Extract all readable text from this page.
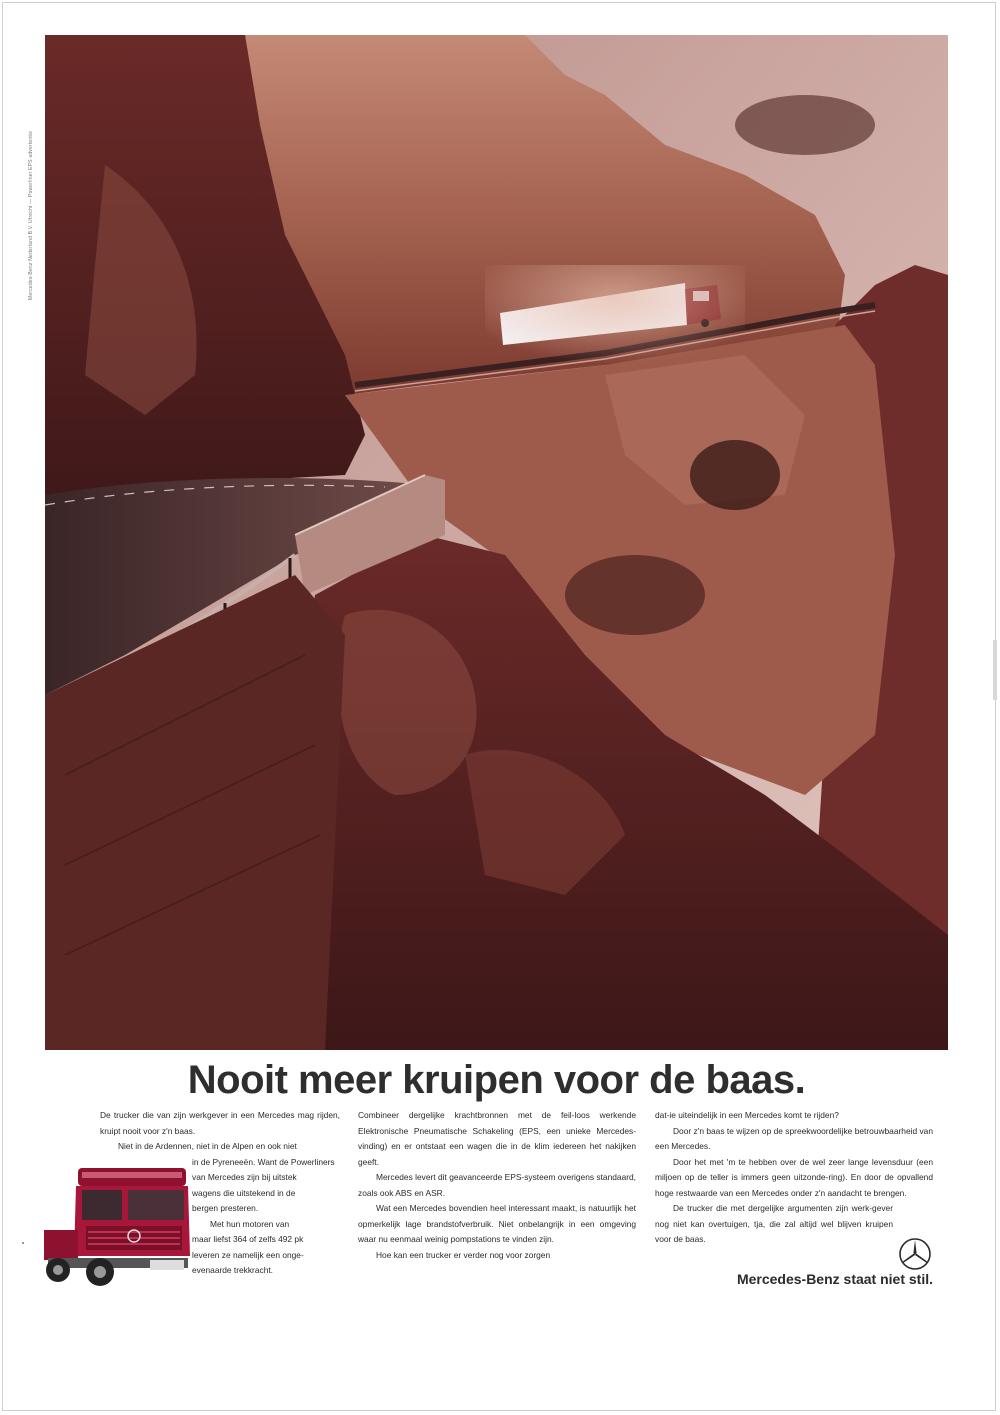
Mercedes-Benz Nederland B.V. Utrecht — Powerliner EPS advertentie
Nooit meer kruipen voor de baas.

De trucker die van zijn werkgever in een Mercedes mag rijden, kruipt nooit voor z'n baas.

Niet in de Ardennen, niet in de Alpen en ook niet

in de Pyreneeën. Want de Powerliners
van Mercedes zijn bij uitstek
wagens die uitstekend in de
bergen presteren.
Met hun motoren van
maar liefst 364 of zelfs 492 pk
leveren ze namelijk een onge-
evenaarde trekkracht.

Combineer dergelijke krachtbronnen met de feil-loos werkende Elektronische Pneumatische Schakeling (EPS, een unieke Mercedes-vinding) en er ontstaat een wagen die in de klim iedereen het nakijken geeft.

Mercedes levert dit geavanceerde EPS-systeem overigens standaard, zoals ook ABS en ASR.

Wat een Mercedes bovendien heel interessant maakt, is natuurlijk het opmerkelijk lage brandstofverbruik. Niet onbelangrijk in een omgeving waar nu eenmaal weinig pompstations te vinden zijn.

Hoe kan een trucker er verder nog voor zorgen

dat-ie uiteindelijk in een Mercedes komt te rijden?

Door z'n baas te wijzen op de spreekwoordelijke betrouwbaarheid van een Mercedes.

Door het met 'm te hebben over de wel zeer lange levensduur (een miljoen op de teller is immers geen uitzonde-ring). En door de opvallend hoge restwaarde van een Mercedes onder z'n aandacht te brengen.

De trucker die met dergelijke argumenten zijn werk-gever nog niet kan overtuigen, tja, die zal altijd wel blijven kruipen voor de baas.

Mercedes-Benz staat niet stil.
